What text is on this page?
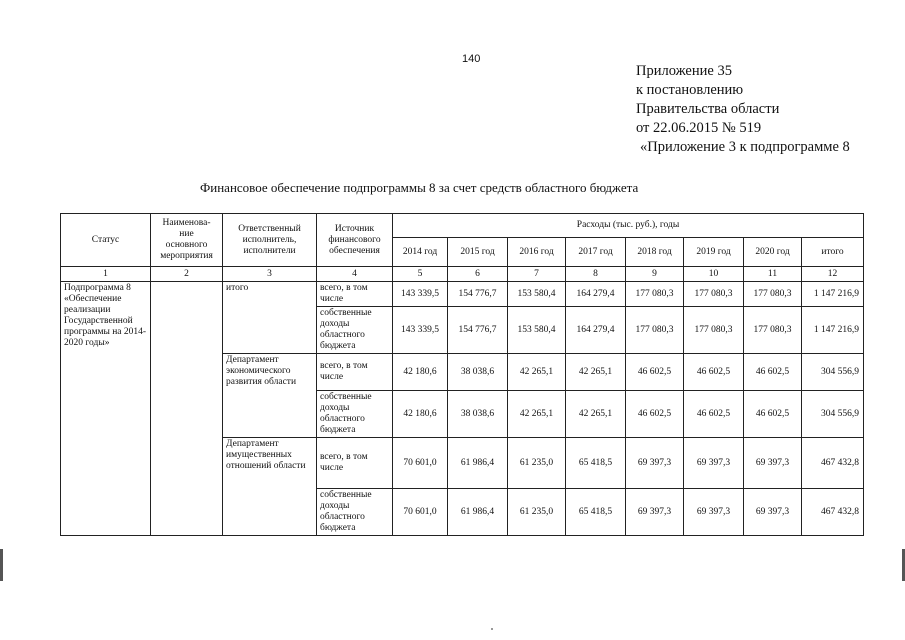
140
Приложение 35
к постановлению
Правительства области
от 22.06.2015 № 519
«Приложение 3 к подпрограмме 8
Финансовое обеспечение подпрограммы 8 за счет средств областного бюджета
Статус	Наименова-
ние
основного
мероприятия	Ответственный исполнитель, исполнители	Источник финансового обеспечения	Расходы (тыс. руб.), годы							
				2014 год	2015 год	2016 год	2017 год	2018 год	2019 год	2020 год	итого
1	2	3	4	5	6	7	8	9	10	11	12
Подпрограмма 8 «Обеспечение реализации Государственной программы на 2014-2020 годы»		итого	всего, в том числе	143 339,5	154 776,7	153 580,4	164 279,4	177 080,3	177 080,3	177 080,3	1 147 216,9
			собственные доходы областного бюджета	143 339,5	154 776,7	153 580,4	164 279,4	177 080,3	177 080,3	177 080,3	1 147 216,9
		Департамент экономического развития области	всего, в том числе	42 180,6	38 038,6	42 265,1	42 265,1	46 602,5	46 602,5	46 602,5	304 556,9
			собственные доходы областного бюджета	42 180,6	38 038,6	42 265,1	42 265,1	46 602,5	46 602,5	46 602,5	304 556,9
		Департамент имущественных отношений области	всего, в том числе	70 601,0	61 986,4	61 235,0	65 418,5	69 397,3	69 397,3	69 397,3	467 432,8
			собственные доходы областного бюджета	70 601,0	61 986,4	61 235,0	65 418,5	69 397,3	69 397,3	69 397,3	467 432,8
